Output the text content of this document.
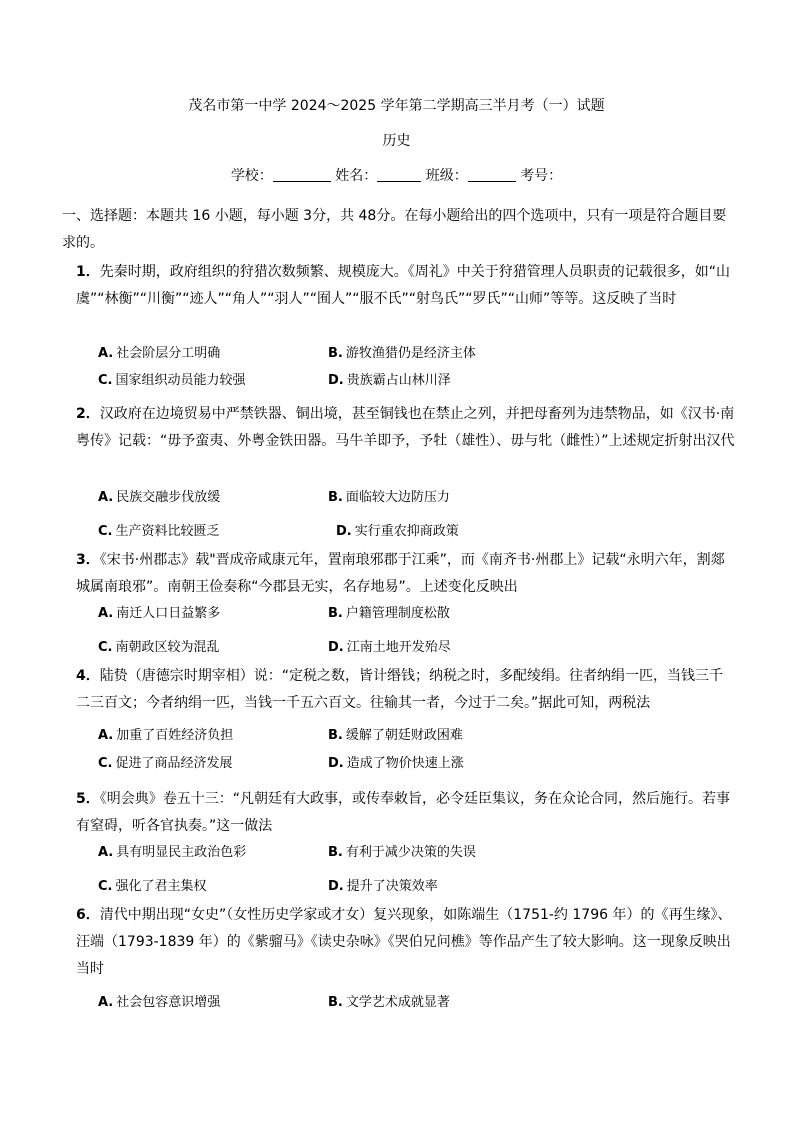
茂名市第一中学 2024～2025 学年第二学期高三半月考（一）试题
历史
学校：	姓名：	班级：	考号：
一、选择题：本题共 16 小题，每小题 3分，共 48分。在每小题给出的四个选项中，只有一项是符合题目要求的。
1．先秦时期，政府组织的狩猎次数频繁、规模庞大。《周礼》中关于狩猎管理人员职责的记载很多，如“山虞”“林衡”“川衡”“迹人”“角人”“羽人”“囿人”“服不氏”“射鸟氏”“罗氏”“山师”等等。这反映了当时
A. 社会阶层分工明确	B. 游牧渔猎仍是经济主体
C. 国家组织动员能力较强	D. 贵族霸占山林川泽
2．汉政府在边境贸易中严禁铁器、铜出境，甚至铜钱也在禁止之列，并把母畜列为违禁物品，如《汉书·南粤传》记载：“毋予蛮夷、外粤金铁田器。马牛羊即予，予牡（雄性）、毋与牝（雌性）”上述规定折射出汉代
A. 民族交融步伐放缓	B. 面临较大边防压力
C. 生产资料比较匮乏	D. 实行重农抑商政策
3．《宋书·州郡志》载"晋成帝咸康元年，置南琅邪郡于江乘”，而《南齐书·州郡上》记载“永明六年，割郯城属南琅邪”。南朝王俭奏称“今郡县无实，名存地易”。上述变化反映出
A. 南迁人口日益繁多	B. 户籍管理制度松散
C. 南朝政区较为混乱	D. 江南土地开发殆尽
4．陆贽（唐德宗时期宰相）说：“定税之数，皆计缗钱；纳税之时，多配绫绢。往者纳绢一匹，当钱三千二三百文；今者纳绢一匹，当钱一千五六百文。往输其一者，今过于二矣。”据此可知，两税法
A. 加重了百姓经济负担	B. 缓解了朝廷财政困难
C. 促进了商品经济发展	D. 造成了物价快速上涨
5．《明会典》卷五十三：“凡朝廷有大政事，或传奉敕旨，必令廷臣集议，务在众论合同，然后施行。若事有窒碍，听各官执奏。”这一做法
A. 具有明显民主政治色彩	B. 有利于减少决策的失误
C. 强化了君主集权	D. 提升了决策效率
6．清代中期出现“女史”（女性历史学家或才女）复兴现象，如陈端生（1751-约 1796 年）的《再生缘》、汪端（1793-1839 年）的《紫骝马》《读史杂咏》《哭伯兄问樵》等作品产生了较大影响。这一现象反映出当时
A. 社会包容意识增强	B. 文学艺术成就显著
